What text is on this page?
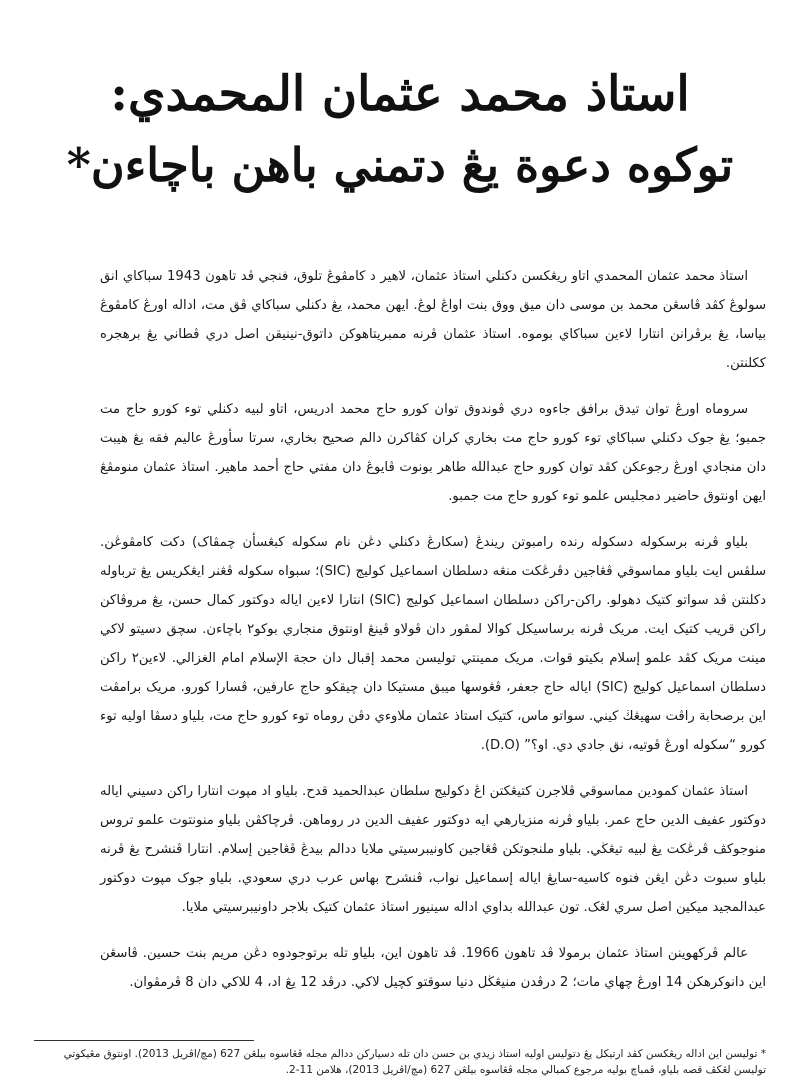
استاذ محمد عثمان المحمدي:
توکوه دعوة يڠ دتمني باهن باچاءن*

استاذ محمد عثمان المحمدي اتاو ريڠکسن دکنلي استاذ عثمان، لاهير د کامڤوڠ تلوق، فنجي ڤد تاهون 1943 سباکاي انق سولوڠ کڤد ڤاسڠن محمد بن موسى دان ميق ووق بنت اواڠ لوڠ. ايهن محمد، يڠ دکنلي سباکاي ڤق مت، اداله اورڠ کامڤوڠ بياسا، يڠ برڤرانن انتارا لاءين سباکاي بوموه. استاذ عثمان ڤرنه ممبريتاهوکن داتوق-نينيقن اصل دري ڤطاني يڠ برهجره ککلنتن.

سروماه اورڠ توان تيدق برافق جاءوه دري ڤوندوق توان کورو حاج محمد ادريس، اتاو لبيه دکنلي توء کورو حاج مت جمبو؛ يڠ جوک دکنلي سباکاي توء کورو حاج مت بخاري کران کڤاکرن دالم صحيح بخاري، سرتا سأورڠ عاليم فقه يڠ هيبت دان منجادي اورڠ رجوعکن کڤد توان کورو حاج عبدالله طاهر بونوت ڤايوڠ دان مفتي حاج أحمد ماهير. استاذ عثمان منومڤڠ ايهن اونتوق حاضير دمجليس علمو توء کورو حاج مت جمبو.

بلياو ڤرنه برسکوله دسکوله رنده رامبوتن ريندڠ (سکارڠ دکنلي دڠن نام سکوله کبڠسأن چمڤاک) دکت کامڤوڠن. سلڤس ايت بلياو مماسوقي ڤڠاجين دڤرڠکت منڠه دسلطان اسماعيل کوليج (SIC)؛ سبواه سکوله ڤڠنر ايڠکريس يڠ ترباوله دکلنتن ڤد سواتو کتيک دهولو. راکن-راکن دسلطان اسماعيل کوليج (SIC) انتارا لاءين اياله دوکتور کمال حسن، يڠ مروڤاکن راکن قريب کتيک ايت. مريک ڤرنه برساسيکل کوالا لمڤور دان ڤولاو ڤينڠ اونتوق منجاري بوکو٢ باچاءن. سچق دسيتو لاکي مينت مريک کڤد علمو إسلام بکيتو قوات. مريک ممينتي توليسن محمد إقبال دان حجة الإسلام امام الغزالي. لاءين٢ راکن دسلطان اسماعيل کوليج (SIC) اياله حاج جعفر، ڤڠوسها ميبق مستيکا دان چيقکو حاج عارفين، ڤسارا کورو. مريک برامڤت اين برصحابة راڤت سهيڠڬ کيني. سواتو ماس، کتيک استاذ عثمان ملاوءي دڤن روماه توء کورو حاج مت، بلياو دسڤا اوليه توء کورو “سکوله اورڠ ڤوتيه، نق جادي دي. او؟” (D.O).

استاذ عثمان کمودين مماسوقي ڤلاجرن کتيڠکتن اڠ دکوليج سلطان عبدالحميد قدح. بلياو اد مپوت انتارا راکن دسيني اياله دوکتور عفيف الدين حاج عمر. بلياو ڤرنه منزيارهي ايه دوکتور عفيف الدين در روماهن. ڤرچاکڤن بلياو منونتوت علمو تروس منوجوکڤ ڤرڠکت يڠ لبيه تيڠڬي. بلياو ملنجوتکن ڤڠاجين کاونيبرسيتي ملايا ددالم بيدڠ ڤڠاجين إسلام. انتارا ڤنشرح يڠ ڤرنه بلياو سبوت دڠن ايڠن فنوه کاسيه-سايڠ اياله إسماعيل نواب، ڤنشرح بهاس عرب دري سعودي. بلياو جوک مپوت دوکتور عبدالمجيد ميکين اصل سري لڠک. تون عبدالله بداوي اداله سينيور استاذ عثمان کتيک بلاجر داونيبرسيتي ملايا.

عالم ڤرکهوينن استاذ عثمان برمولا ڤد تاهون 1966. ڤد تاهون اين، بلياو تله برتوجودوه دڠن مريم بنت حسين. ڤاسڠن اين دانوکرهکن 14 اورڠ چهاي مات؛ 2 درڤدن منيڠڬل دنيا سوقتو کچيل لاکي. درڤد 12 يڠ اد، 4 للاکي دان 8 ڤرمڤوان.

* توليسن اين اداله ريڠکسن کڤد ارتيکل يڠ دتوليس اوليه استاذ زيدي بن حسن دان تله دسيارکن ددالم مجله ڤڠاسوه بيلڠن 627 (مچ/اڤريل 2013). اونتوق مڠيکوتي توليسن لڠکڤ قصه بلياو، ڤمباچ بوليه مرجوع کمبالي مجله ڤڠاسوه بيلڠن 627 (مچ/اڤريل 2013)، هلامن 11-2.
